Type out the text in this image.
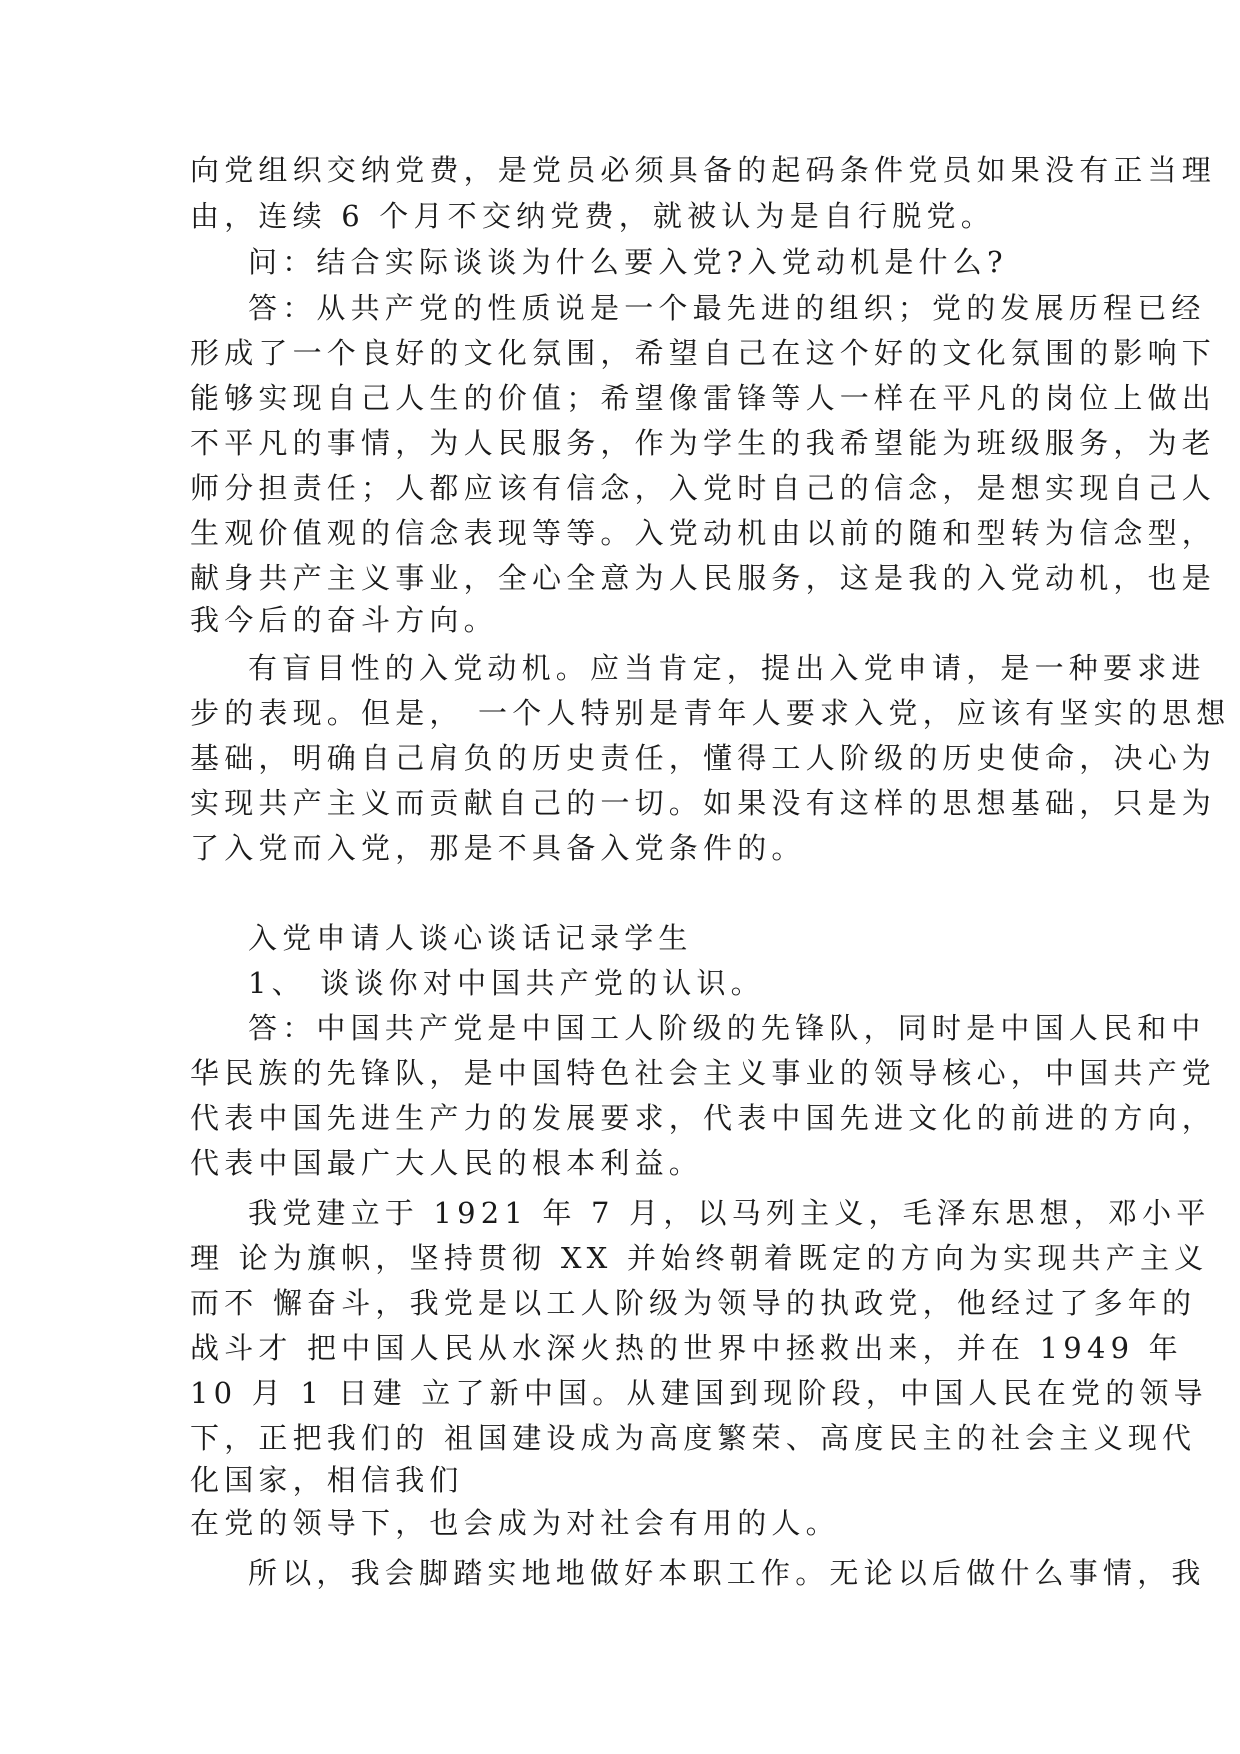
向党组织交纳党费，是党员必须具备的起码条件党员如果没有正当理

由，连续 6 个月不交纳党费，就被认为是自行脱党。

问：结合实际谈谈为什么要入党?入党动机是什么?

答：从共产党的性质说是一个最先进的组织；党的发展历程已经

形成了一个良好的文化氛围，希望自己在这个好的文化氛围的影响下

能够实现自己人生的价值；希望像雷锋等人一样在平凡的岗位上做出

不平凡的事情，为人民服务，作为学生的我希望能为班级服务，为老

师分担责任；人都应该有信念，入党时自己的信念，是想实现自己人

生观价值观的信念表现等等。入党动机由以前的随和型转为信念型，

献身共产主义事业，全心全意为人民服务，这是我的入党动机，也是

我今后的奋斗方向。

有盲目性的入党动机。应当肯定，提出入党申请，是一种要求进

步的表现。但是， 一个人特别是青年人要求入党，应该有坚实的思想

基础，明确自己肩负的历史责任，懂得工人阶级的历史使命，决心为

实现共产主义而贡献自己的一切。如果没有这样的思想基础，只是为

了入党而入党，那是不具备入党条件的。

入党申请人谈心谈话记录学生

1、 谈谈你对中国共产党的认识。

答：中国共产党是中国工人阶级的先锋队，同时是中国人民和中

华民族的先锋队，是中国特色社会主义事业的领导核心，中国共产党

代表中国先进生产力的发展要求，代表中国先进文化的前进的方向，

代表中国最广大人民的根本利益。

我党建立于 1921 年 7 月，以马列主义，毛泽东思想，邓小平

理 论为旗帜，坚持贯彻 XX 并始终朝着既定的方向为实现共产主义

而不 懈奋斗，我党是以工人阶级为领导的执政党，他经过了多年的

战斗才 把中国人民从水深火热的世界中拯救出来，并在 1949 年

10 月 1 日建 立了新中国。从建国到现阶段，中国人民在党的领导

下，正把我们的 祖国建设成为高度繁荣、高度民主的社会主义现代

化国家，相信我们

在党的领导下，也会成为对社会有用的人。

所以，我会脚踏实地地做好本职工作。无论以后做什么事情，我
